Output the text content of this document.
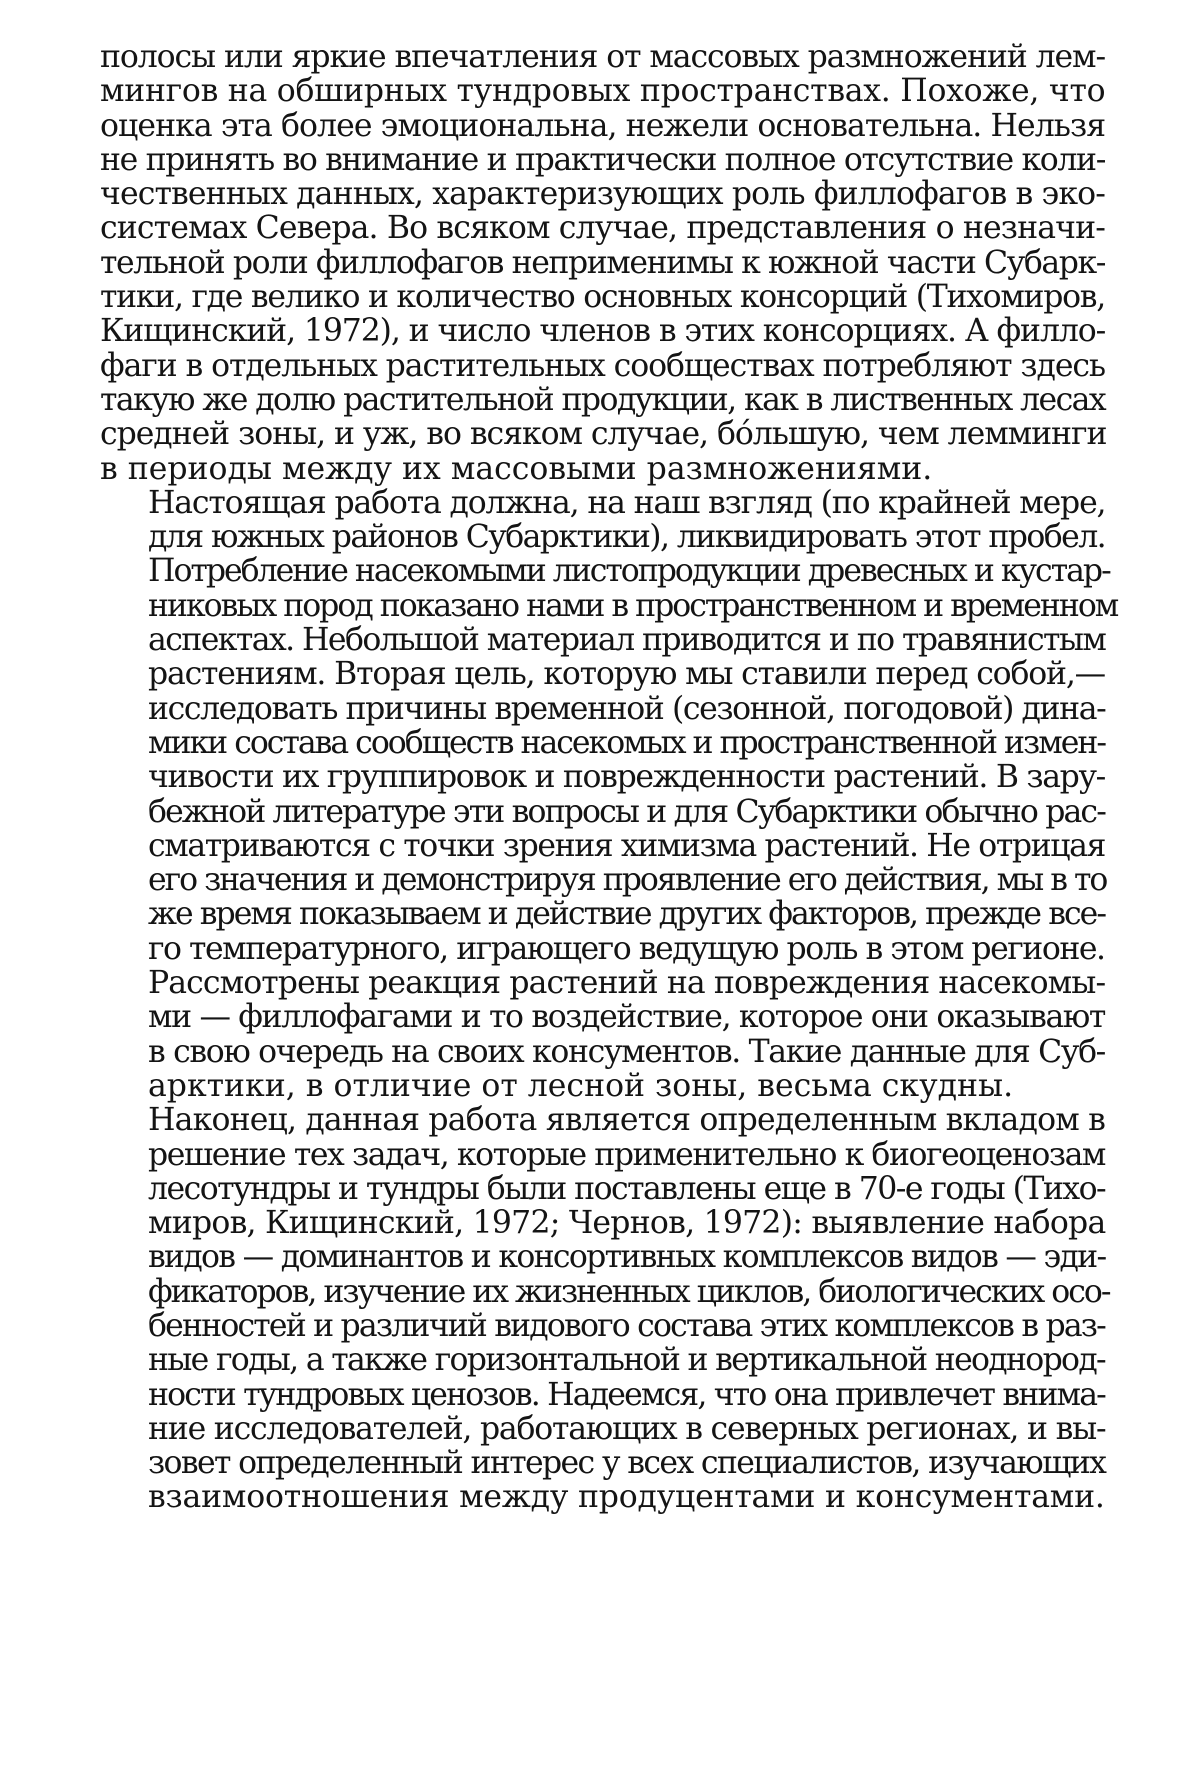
полосы или яркие впечатления от массовых размножений лем-
мингов на обширных тундровых пространствах. Похоже, что
оценка эта более эмоциональна, нежели основательна. Нельзя
не принять во внимание и практически полное отсутствие коли-
чественных данных, характеризующих роль филлофагов в эко-
системах Севера. Во всяком случае, представления о незначи-
тельной роли филлофагов неприменимы к южной части Субарк-
тики, где велико и количество основных консорций (Тихомиров,
Кищинский, 1972), и число членов в этих консорциях. А филло-
фаги в отдельных растительных сообществах потребляют здесь
такую же долю растительной продукции, как в лиственных лесах
средней зоны, и уж, во всяком случае, бо́льшую, чем лемминги
в периоды между их массовыми размножениями.

Настоящая работа должна, на наш взгляд (по крайней мере,
для южных районов Субарктики), ликвидировать этот пробел.
Потребление насекомыми листопродукции древесных и кустар-
никовых пород показано нами в пространственном и временном
аспектах. Небольшой материал приводится и по травянистым
растениям. Вторая цель, которую мы ставили перед собой,—
исследовать причины временной (сезонной, погодовой) дина-
мики состава сообществ насекомых и пространственной измен-
чивости их группировок и поврежденности растений. В зару-
бежной литературе эти вопросы и для Субарктики обычно рас-
сматриваются с точки зрения химизма растений. Не отрицая
его значения и демонстрируя проявление его действия, мы в то
же время показываем и действие других факторов, прежде все-
го температурного, играющего ведущую роль в этом регионе.

Рассмотрены реакция растений на повреждения насекомы-
ми — филлофагами и то воздействие, которое они оказывают
в свою очередь на своих консументов. Такие данные для Суб-
арктики, в отличие от лесной зоны, весьма скудны.

Наконец, данная работа является определенным вкладом в
решение тех задач, которые применительно к биогеоценозам
лесотундры и тундры были поставлены еще в 70-е годы (Тихо-
миров, Кищинский, 1972; Чернов, 1972): выявление набора
видов — доминантов и консортивных комплексов видов — эди-
фикаторов, изучение их жизненных циклов, биологических осо-
бенностей и различий видового состава этих комплексов в раз-
ные годы, а также горизонтальной и вертикальной неоднород-
ности тундровых ценозов. Надеемся, что она привлечет внима-
ние исследователей, работающих в северных регионах, и вы-
зовет определенный интерес у всех специалистов, изучающих
взаимоотношения между продуцентами и консументами.
